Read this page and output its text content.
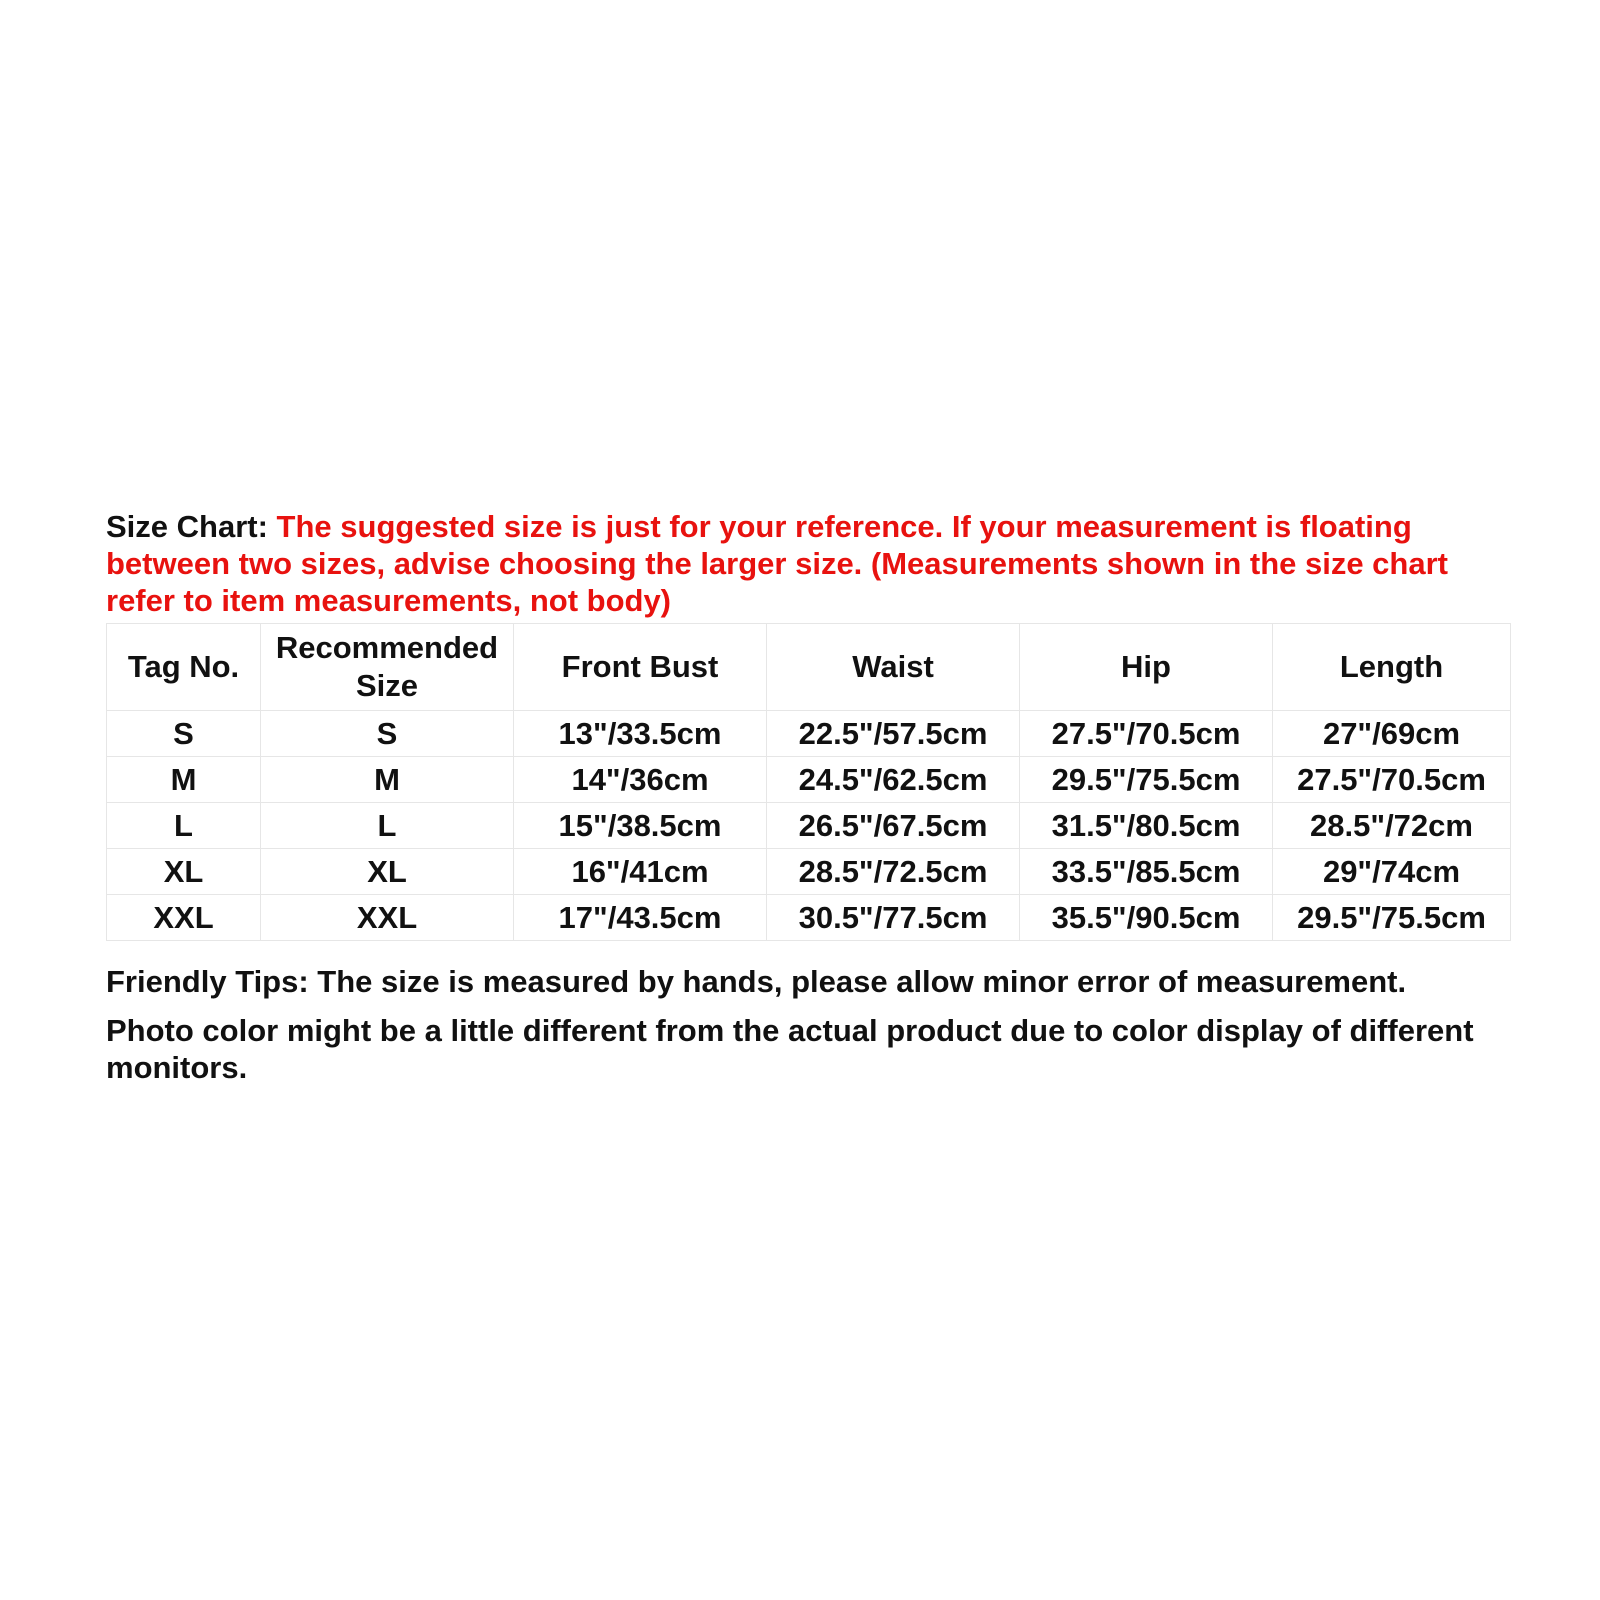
Size Chart: The suggested size is just for your reference. If your measurement is floating between two sizes, advise choosing the larger size. (Measurements shown in the size chart refer to item measurements, not body)

Tag No.	Recommended Size	Front Bust	Waist	Hip	Length
S	S	13"/33.5cm	22.5"/57.5cm	27.5"/70.5cm	27"/69cm
M	M	14"/36cm	24.5"/62.5cm	29.5"/75.5cm	27.5"/70.5cm
L	L	15"/38.5cm	26.5"/67.5cm	31.5"/80.5cm	28.5"/72cm
XL	XL	16"/41cm	28.5"/72.5cm	33.5"/85.5cm	29"/74cm
XXL	XXL	17"/43.5cm	30.5"/77.5cm	35.5"/90.5cm	29.5"/75.5cm

Friendly Tips: The size is measured by hands, please allow minor error of measurement.

Photo color might be a little different from the actual product due to color display of different monitors.
